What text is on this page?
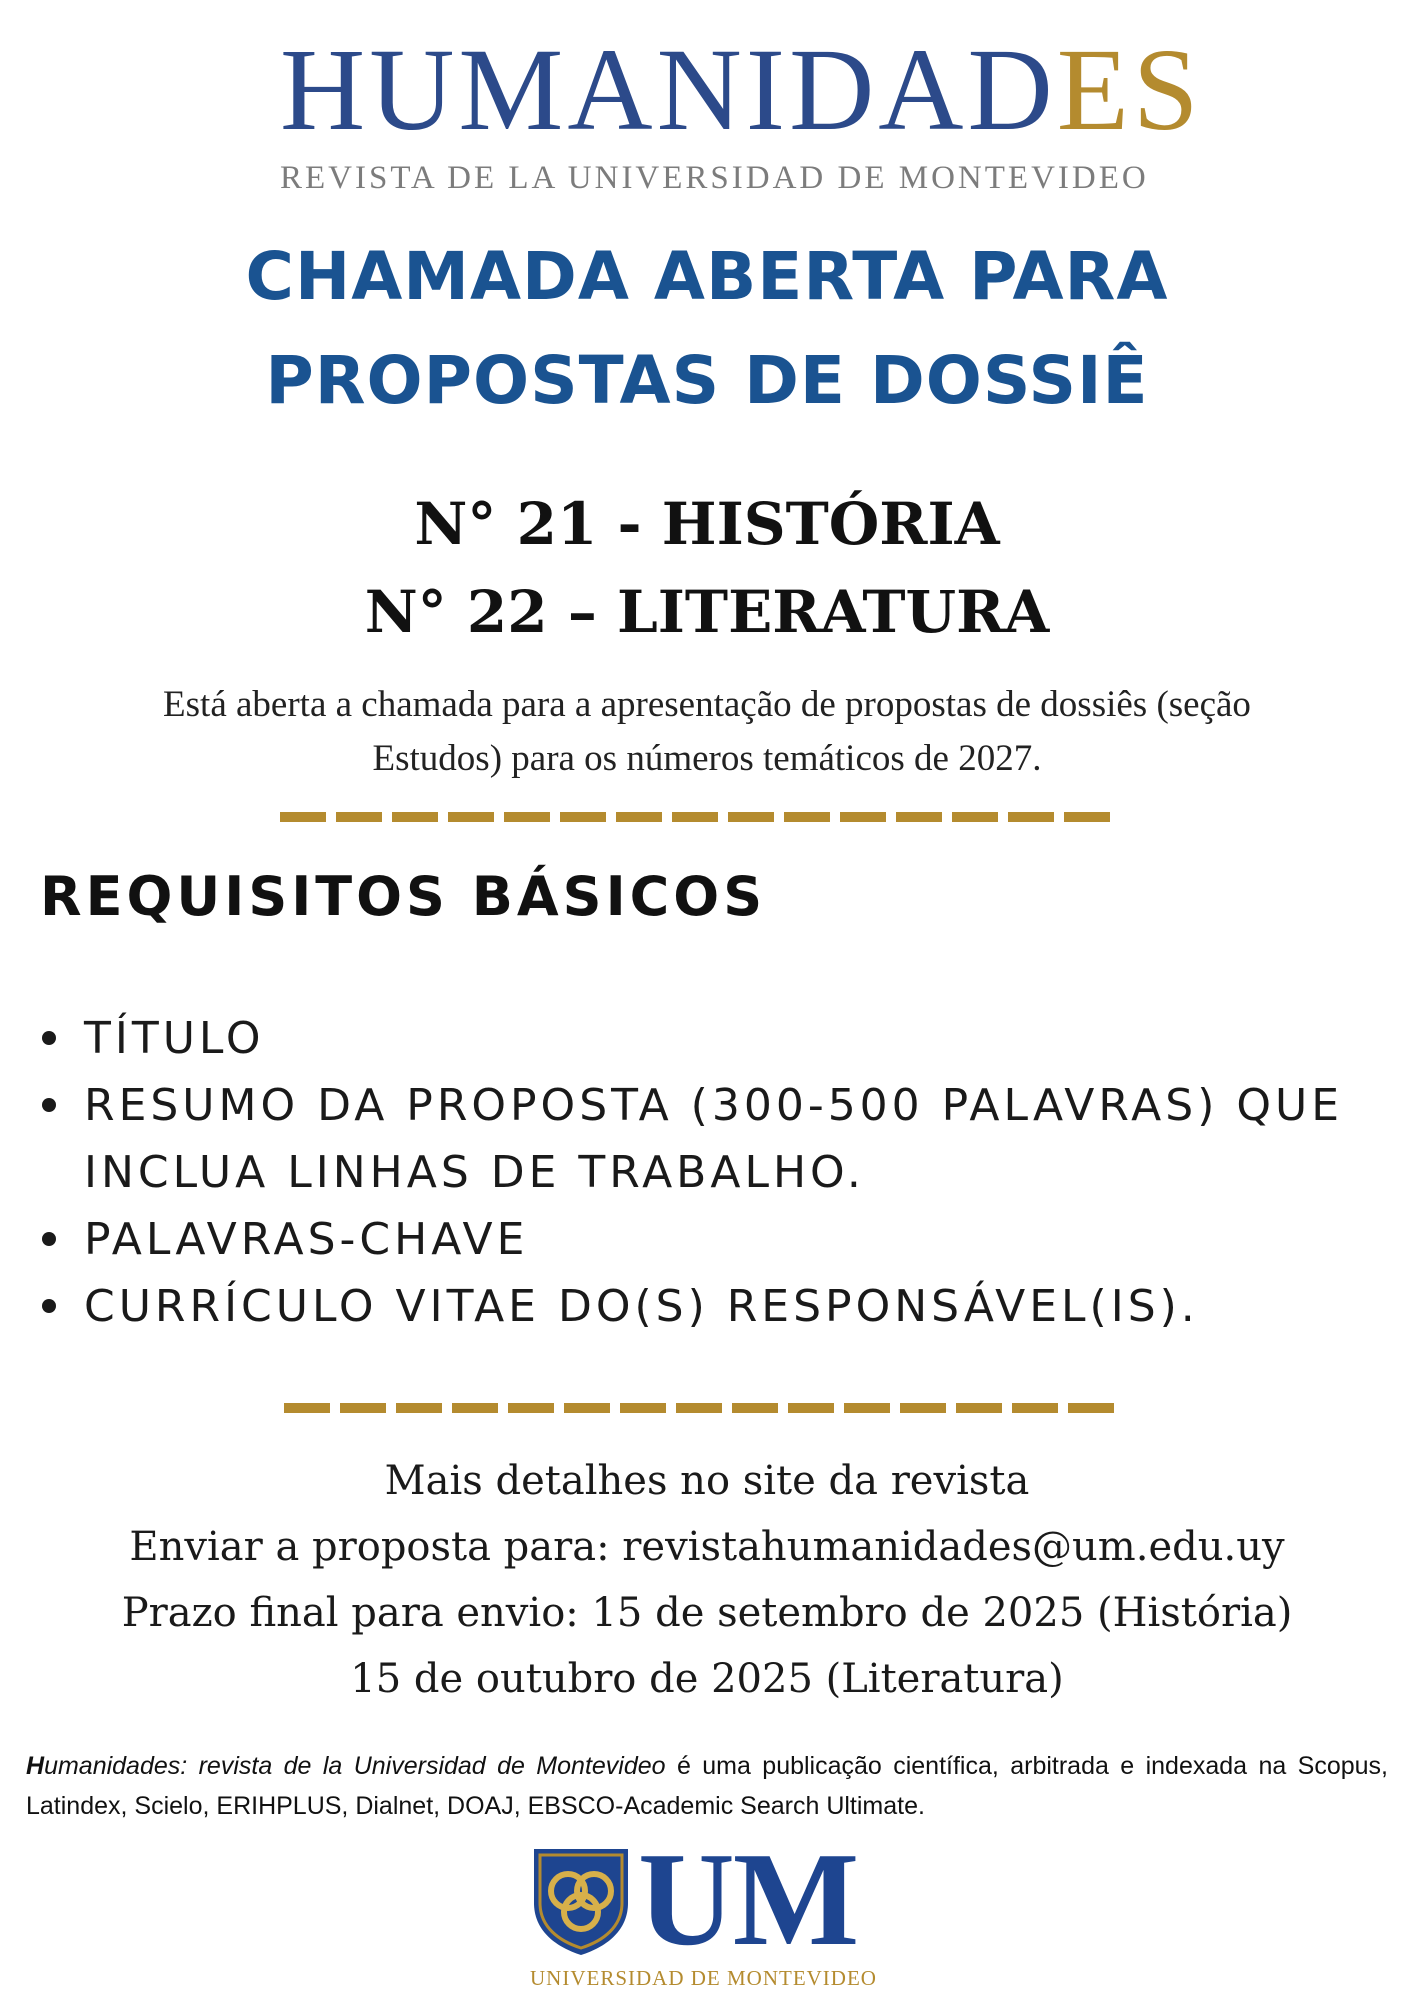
HUMANIDADES
REVISTA DE LA UNIVERSIDAD DE MONTEVIDEO
CHAMADA ABERTA PARA
PROPOSTAS DE DOSSIÊ
N° 21 - HISTÓRIA
N° 22 – LITERATURA
Está aberta a chamada para a apresentação de propostas de dossiês (seção
Estudos) para os números temáticos de 2027.
REQUISITOS BÁSICOS
TÍTULO
RESUMO DA PROPOSTA (300-500 PALAVRAS) QUE INCLUA LINHAS DE TRABALHO.
PALAVRAS-CHAVE
CURRÍCULO VITAE DO(S) RESPONSÁVEL(IS).
Mais detalhes no site da revista
Enviar a proposta para: revistahumanidades@um.edu.uy
Prazo final para envio: 15 de setembro de 2025 (História)
15 de outubro de 2025 (Literatura)
Humanidades: revista de la Universidad de Montevideo é uma publicação científica, arbitrada e indexada na Scopus, Latindex, Scielo, ERIHPLUS, Dialnet, DOAJ, EBSCO-Academic Search Ultimate.
UM
UNIVERSIDAD DE MONTEVIDEO
